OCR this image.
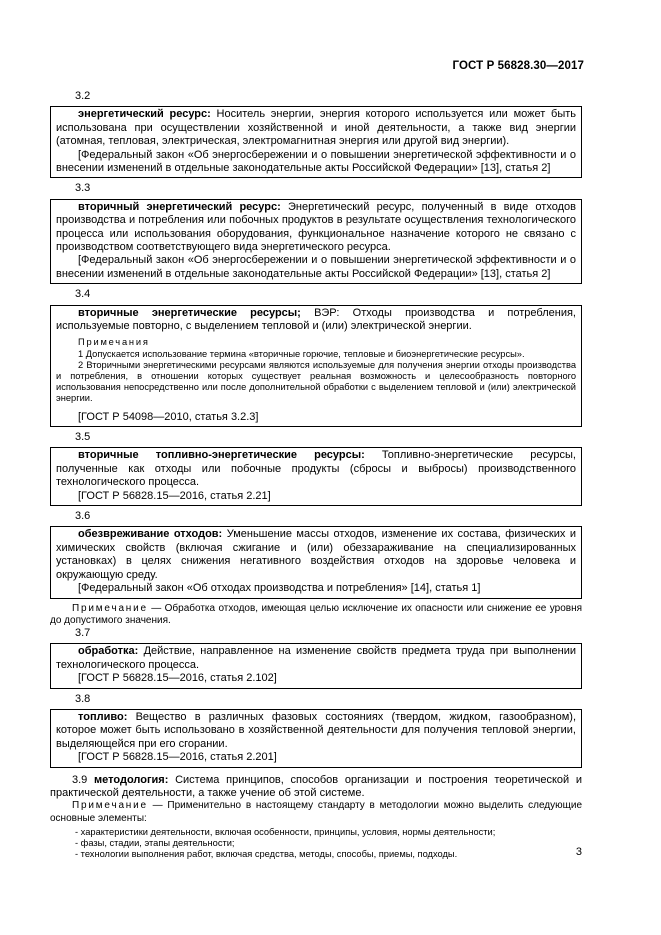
ГОСТ Р 56828.30—2017
3.2

энергетический ресурс: Носитель энергии, энергия которого используется или может быть использована при осуществлении хозяйственной и иной деятельности, а также вид энергии (атомная, тепловая, электрическая, электромагнитная энергия или другой вид энергии).

[Федеральный закон «Об энергосбережении и о повышении энергетической эффективности и о внесении изменений в отдельные законодательные акты Российской Федерации» [13], статья 2]

3.3

вторичный энергетический ресурс: Энергетический ресурс, полученный в виде отходов производства и потребления или побочных продуктов в результате осуществления технологического процесса или использования оборудования, функциональное назначение которого не связано с производством соответствующего вида энергетического ресурса.

[Федеральный закон «Об энергосбережении и о повышении энергетической эффективности и о внесении изменений в отдельные законодательные акты Российской Федерации» [13], статья 2]

3.4

вторичные энергетические ресурсы; ВЭР: Отходы производства и потребления, используемые повторно, с выделением тепловой и (или) электрической энергии.

Примечания

1 Допускается использование термина «вторичные горючие, тепловые и биоэнергетические ресурсы».

2 Вторичными энергетическими ресурсами являются используемые для получения энергии отходы производства и потребления, в отношении которых существует реальная возможность и целесообразность повторного использования непосредственно или после дополнительной обработки с выделением тепловой и (или) электрической энергии.

[ГОСТ Р 54098—2010, статья 3.2.3]

3.5

вторичные топливно-энергетические ресурсы: Топливно-энергетические ресурсы, полученные как отходы или побочные продукты (сбросы и выбросы) производственного технологического процесса.

[ГОСТ Р 56828.15—2016, статья 2.21]

3.6

обезвреживание отходов: Уменьшение массы отходов, изменение их состава, физических и химических свойств (включая сжигание и (или) обеззараживание на специализированных установках) в целях снижения негативного воздействия отходов на здоровье человека и окружающую среду.

[Федеральный закон «Об отходах производства и потребления» [14], статья 1]

Примечание — Обработка отходов, имеющая целью исключение их опасности или снижение ее уровня до допустимого значения.

3.7

обработка: Действие, направленное на изменение свойств предмета труда при выполнении технологического процесса.

[ГОСТ Р 56828.15—2016, статья 2.102]

3.8

топливо: Вещество в различных фазовых состояниях (твердом, жидком, газообразном), которое может быть использовано в хозяйственной деятельности для получения тепловой энергии, выделяющейся при его сгорании.

[ГОСТ Р 56828.15—2016, статья 2.201]

3.9 методология: Система принципов, способов организации и построения теоретической и практической деятельности, а также учение об этой системе.

Примечание — Применительно в настоящему стандарту в методологии можно выделить следующие основные элементы:

- характеристики деятельности, включая особенности, принципы, условия, нормы деятельности;
- фазы, стадии, этапы деятельности;
- технологии выполнения работ, включая средства, методы, способы, приемы, подходы.	3
